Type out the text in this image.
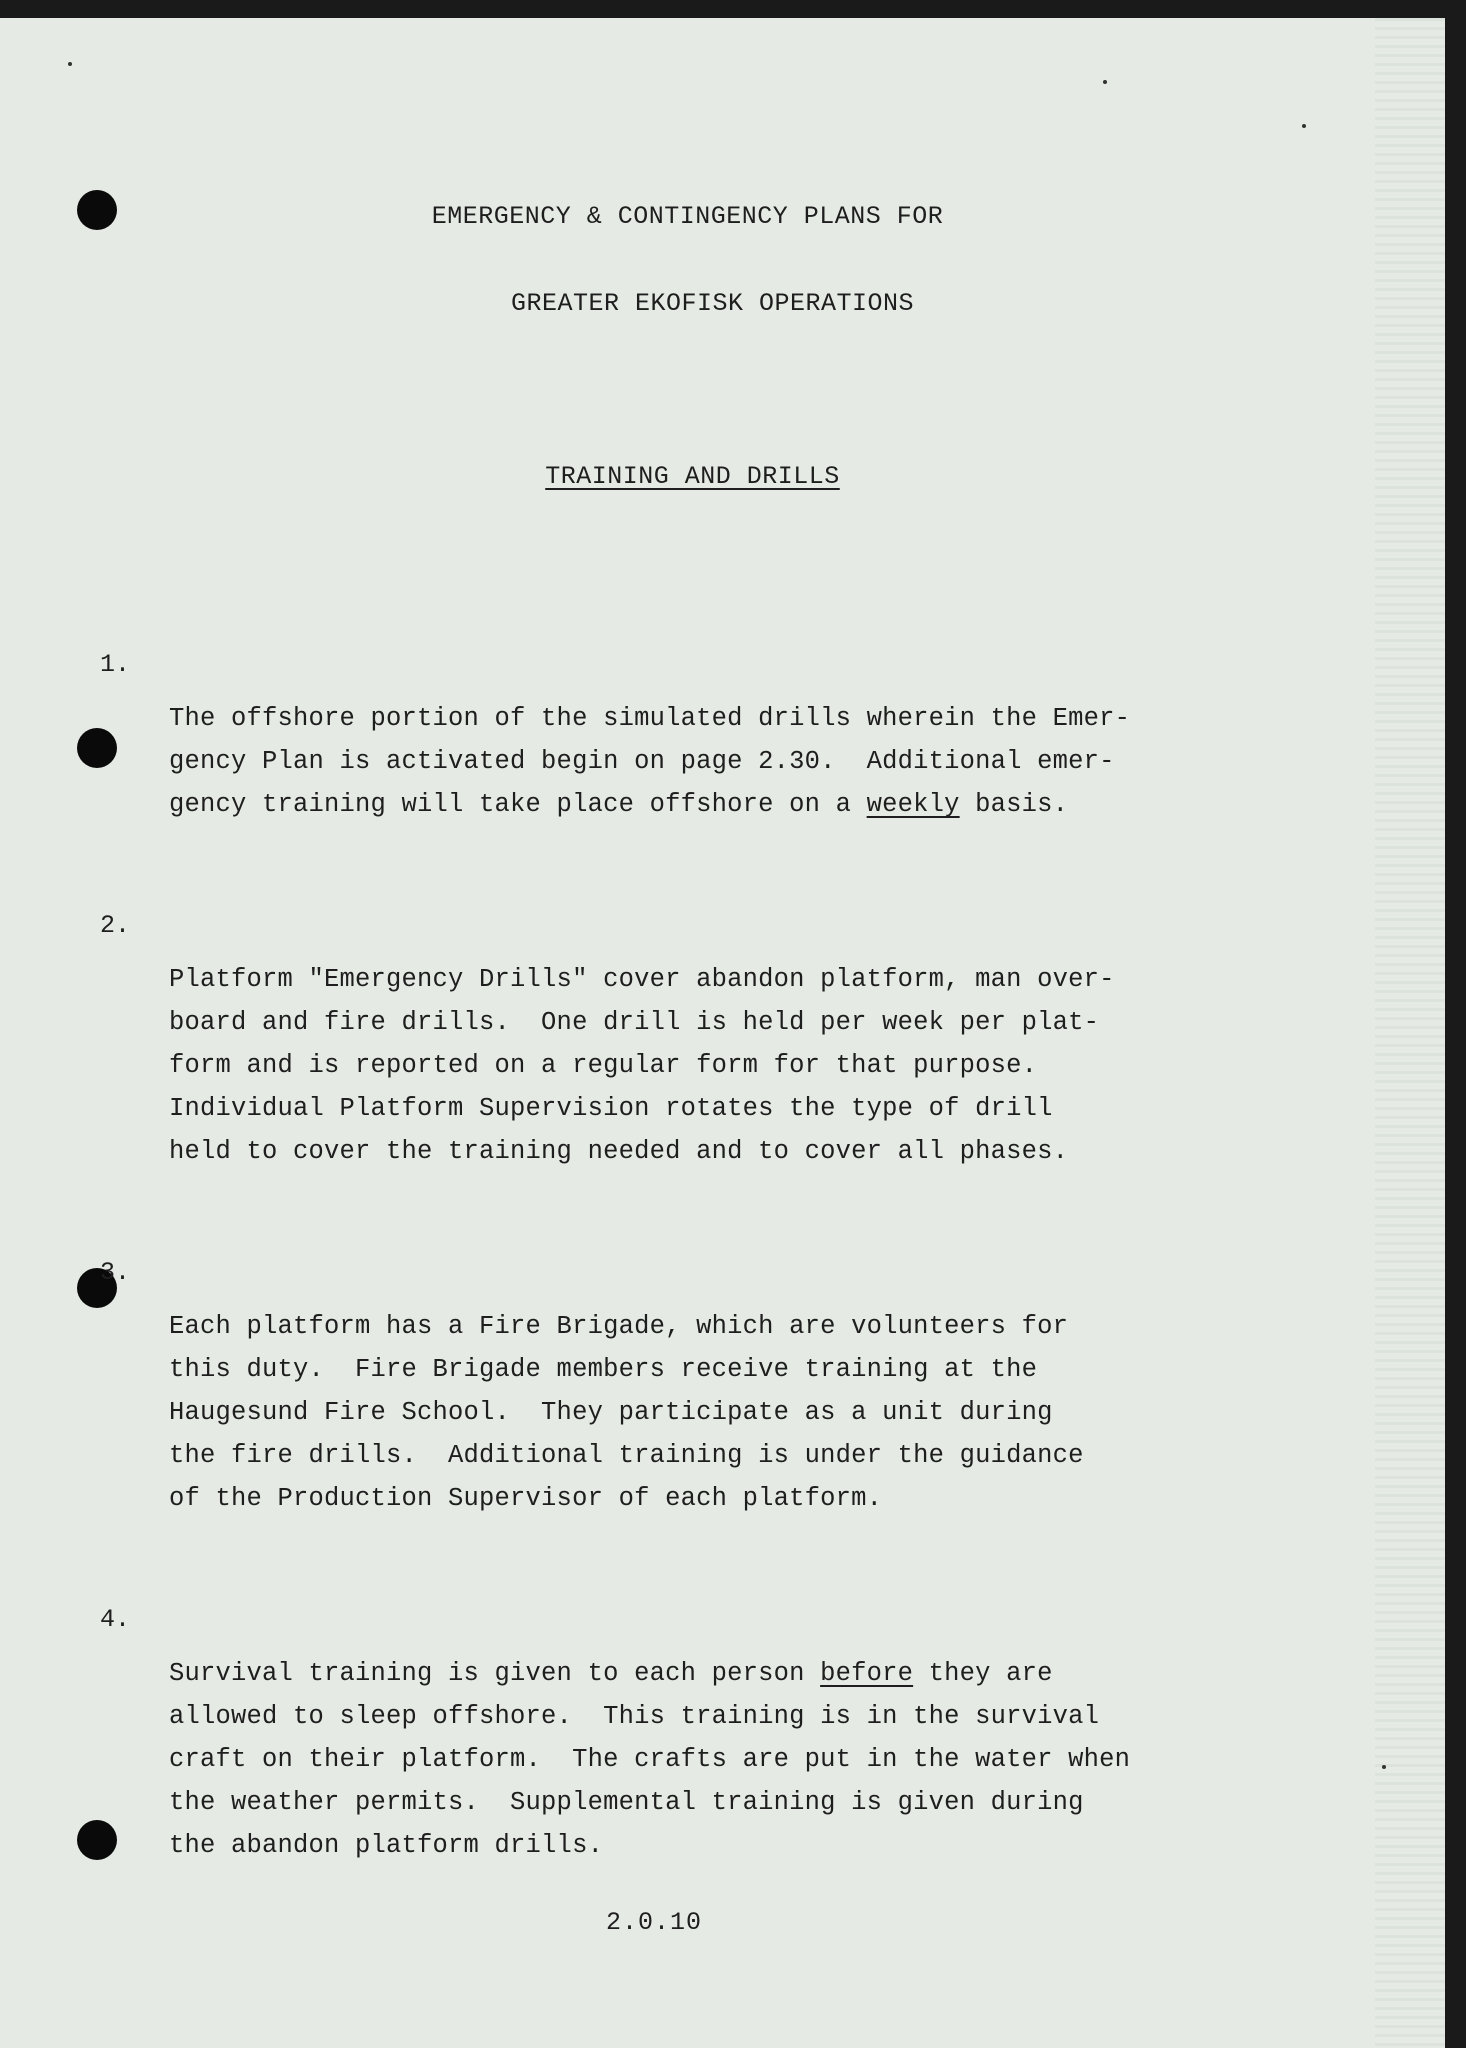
EMERGENCY & CONTINGENCY PLANS FOR
GREATER EKOFISK OPERATIONS
TRAINING AND DRILLS

1.

The offshore portion of the simulated drills wherein the Emer-
gency Plan is activated begin on page 2.30.  Additional emer-
gency training will take place offshore on a weekly basis.

2.

Platform "Emergency Drills" cover abandon platform, man over-
board and fire drills.  One drill is held per week per plat-
form and is reported on a regular form for that purpose.
Individual Platform Supervision rotates the type of drill
held to cover the training needed and to cover all phases.

3.

Each platform has a Fire Brigade, which are volunteers for
this duty.  Fire Brigade members receive training at the
Haugesund Fire School.  They participate as a unit during
the fire drills.  Additional training is under the guidance
of the Production Supervisor of each platform.

4.

Survival training is given to each person before they are
allowed to sleep offshore.  This training is in the survival
craft on their platform.  The crafts are put in the water when
the weather permits.  Supplemental training is given during
the abandon platform drills.

2.0.10
